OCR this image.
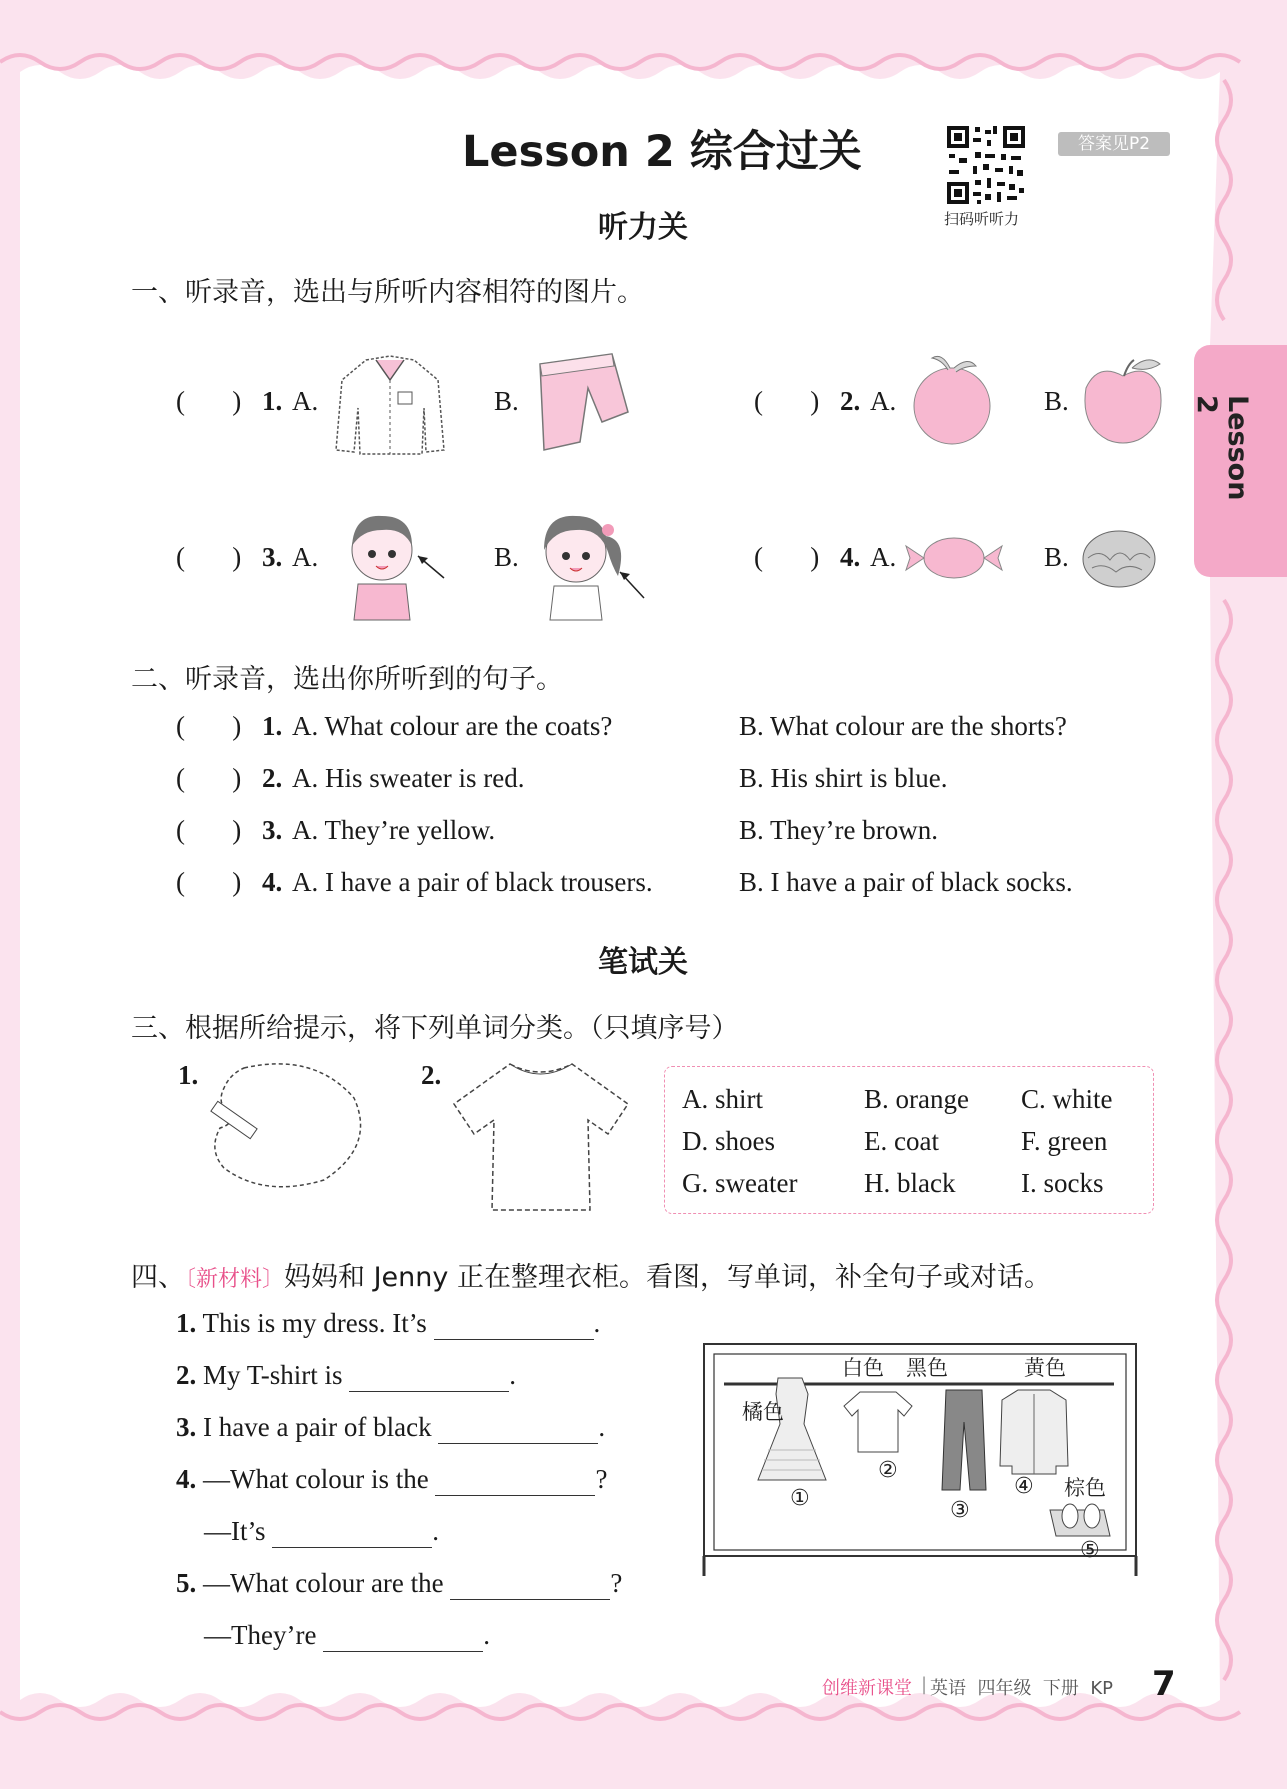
Lesson 2
Lesson 2 综合过关
扫码听听力
答案见P2
听力关
一、听录音，选出与所听内容相符的图片。
(       ) 1. A.	B.	(       ) 2. A.	B.
(       ) 3. A.	B.	(       ) 4. A.	B.
二、听录音，选出你所听到的句子。
(       ) 1. A. What colour are the coats?	B. What colour are the shorts?
(       ) 2. A. His sweater is red.	B. His shirt is blue.
(       ) 3. A. They’re yellow.	B. They’re brown.
(       ) 4. A. I have a pair of black trousers.	B. I have a pair of black socks.
笔试关
三、根据所给提示，将下列单词分类。（只填序号）
1.	2.
A. shirt	B. orange C. white
D. shoes	E. coat	F. green
G. sweater H. black I. socks
四、〔新材料〕妈妈和 Jenny 正在整理衣柜。看图，写单词，补全句子或对话。
1. This is my dress. It’s	.
2. My T-shirt is	.
3. I have a pair of black	.
4. —What colour is the	?
—It’s	.
5. —What colour are the	?
—They’re	.
橘色
白色 黑色	黄色
棕色
①
②
③
④
⑤
创维新课堂 | 英语  四年级  下册  KP 7
